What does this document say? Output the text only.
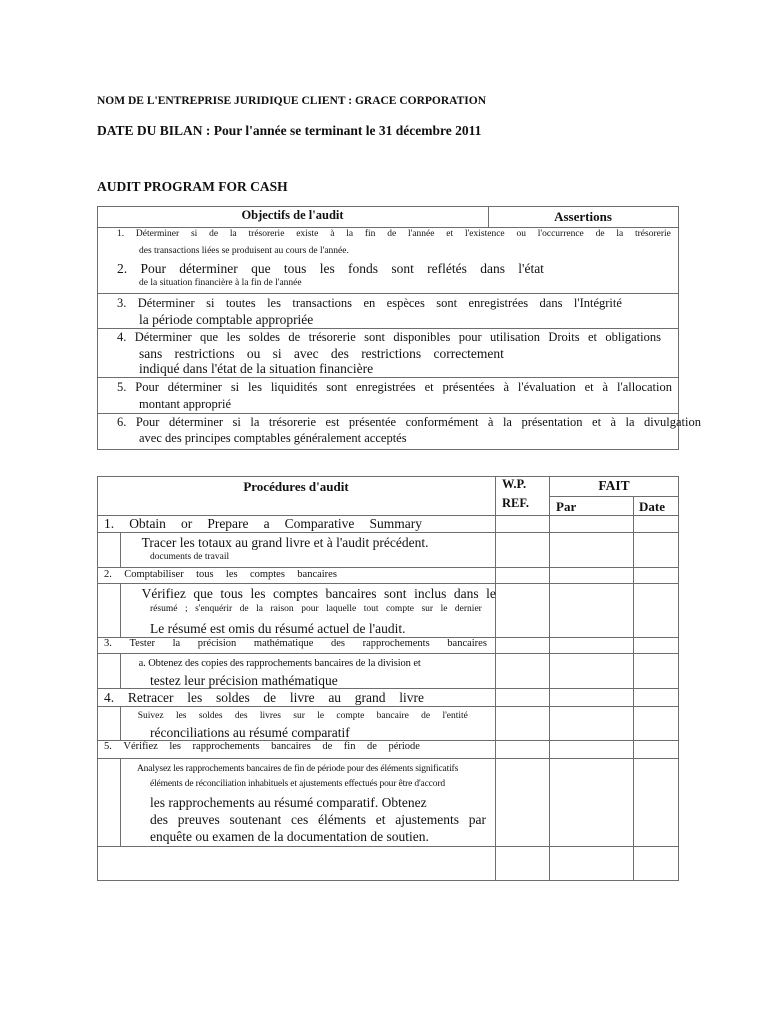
NOM DE L'ENTREPRISE JURIDIQUE CLIENT : GRACE CORPORATION
DATE DU BILAN : Pour l'année se terminant le 31 décembre 2011
AUDIT PROGRAM FOR CASH
Objectifs de l'audit	Assertions
1. Déterminer si de la trésorerie existe à la fin de l'année et l'existence ou l'occurrence de la trésorerie
des transactions liées se produisent au cours de l'année.
2. Pour déterminer que tous les fonds sont reflétés dans l'état
de la situation financière à la fin de l'année
3. Déterminer si toutes les transactions en espèces sont enregistrées dans l'Intégrité
la période comptable appropriée
4. Déterminer que les soldes de trésorerie sont disponibles pour utilisation Droits et obligations
sans restrictions ou si avec des restrictions correctement
indiqué dans l'état de la situation financière
5. Pour déterminer si les liquidités sont enregistrées et présentées à l'évaluation et à l'allocation
montant approprié
6. Pour déterminer si la trésorerie est présentée conformément à la présentation et à la divulgation
avec des principes comptables généralement acceptés
Procédures d'audit	W.P.
REF.
FAIT
Par	Date
1. Obtain or Prepare a Comparative Summary
  Tracer les totaux au grand livre et à l'audit précédent.
documents de travail
2. Comptabiliser tous les comptes bancaires
  Vérifiez que tous les comptes bancaires sont inclus dans le
résumé ; s'enquérir de la raison pour laquelle tout compte sur le dernier
Le résumé est omis du résumé actuel de l'audit.
3. Tester la précision mathématique des rapprochements bancaires
  a. Obtenez des copies des rapprochements bancaires de la division et
testez leur précision mathématique
4. Retracer les soldes de livre au grand livre
  Suivez les soldes des livres sur le compte bancaire de l'entité
réconciliations au résumé comparatif
5. Vérifiez les rapprochements bancaires de fin de période
  Analysez les rapprochements bancaires de fin de période pour des éléments significatifs
éléments de réconciliation inhabituels et ajustements effectués pour être d'accord
les rapprochements au résumé comparatif. Obtenez
des preuves soutenant ces éléments et ajustements par
enquête ou examen de la documentation de soutien.
